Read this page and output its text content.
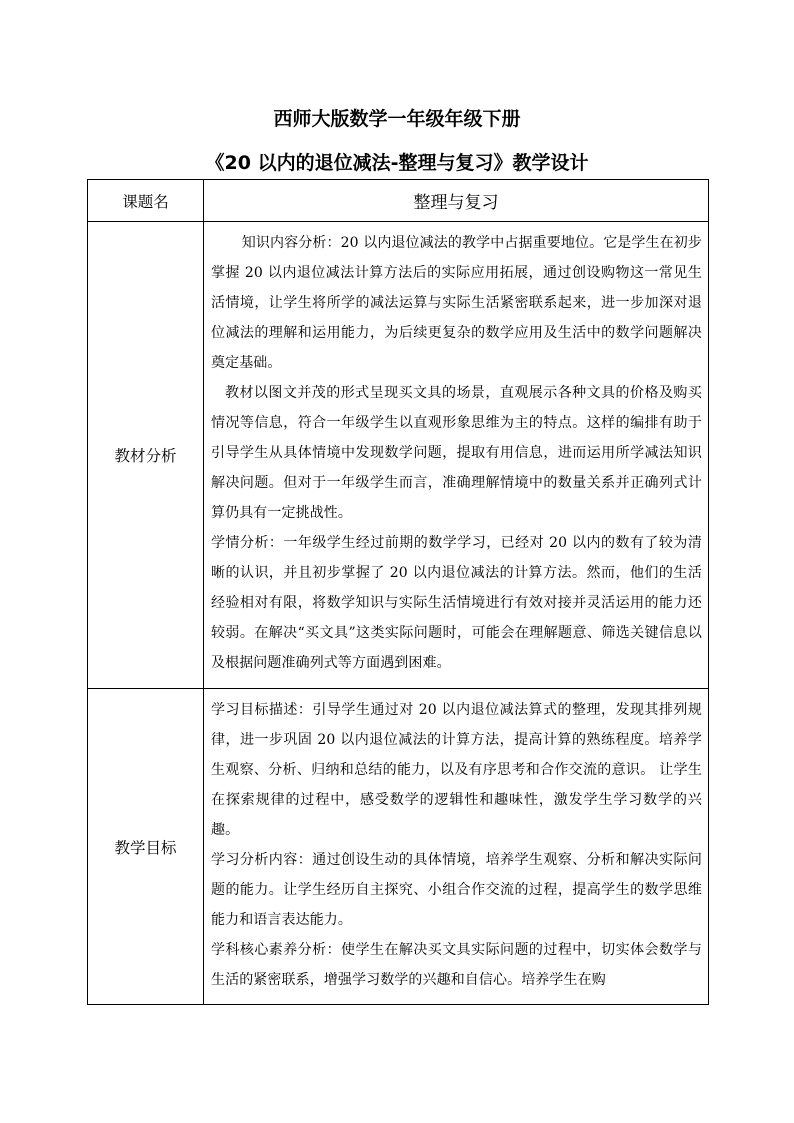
西师大版数学一年级年级下册
《20 以内的退位减法-整理与复习》教学设计
课题名	整理与复习
教材分析	知识内容分析：20 以内退位减法的教学中占据重要地位。它是学生在初步掌握 20 以内退位减法计算方法后的实际应用拓展，通过创设购物这一常见生活情境，让学生将所学的减法运算与实际生活紧密联系起来，进一步加深对退位减法的理解和运用能力，为后续更复杂的数学应用及生活中的数学问题解决奠定基础。

教材以图文并茂的形式呈现买文具的场景，直观展示各种文具的价格及购买情况等信息，符合一年级学生以直观形象思维为主的特点。这样的编排有助于引导学生从具体情境中发现数学问题，提取有用信息，进而运用所学减法知识解决问题。但对于一年级学生而言，准确理解情境中的数量关系并正确列式计算仍具有一定挑战性。

学情分析：一年级学生经过前期的数学学习，已经对 20 以内的数有了较为清晰的认识，并且初步掌握了 20 以内退位减法的计算方法。然而，他们的生活经验相对有限，将数学知识与实际生活情境进行有效对接并灵活运用的能力还较弱。在解决“买文具”这类实际问题时，可能会在理解题意、筛选关键信息以及根据问题准确列式等方面遇到困难。

教学目标	学习目标描述：引导学生通过对 20 以内退位减法算式的整理，发现其排列规律，进一步巩固 20 以内退位减法的计算方法，提高计算的熟练程度。培养学生观察、分析、归纳和总结的能力，以及有序思考和合作交流的意识。 让学生在探索规律的过程中，感受数学的逻辑性和趣味性，激发学生学习数学的兴趣。

学习分析内容：通过创设生动的具体情境，培养学生观察、分析和解决实际问题的能力。让学生经历自主探究、小组合作交流的过程，提高学生的数学思维能力和语言表达能力。

学科核心素养分析：使学生在解决买文具实际问题的过程中，切实体会数学与生活的紧密联系，增强学习数学的兴趣和自信心。培养学生在购
